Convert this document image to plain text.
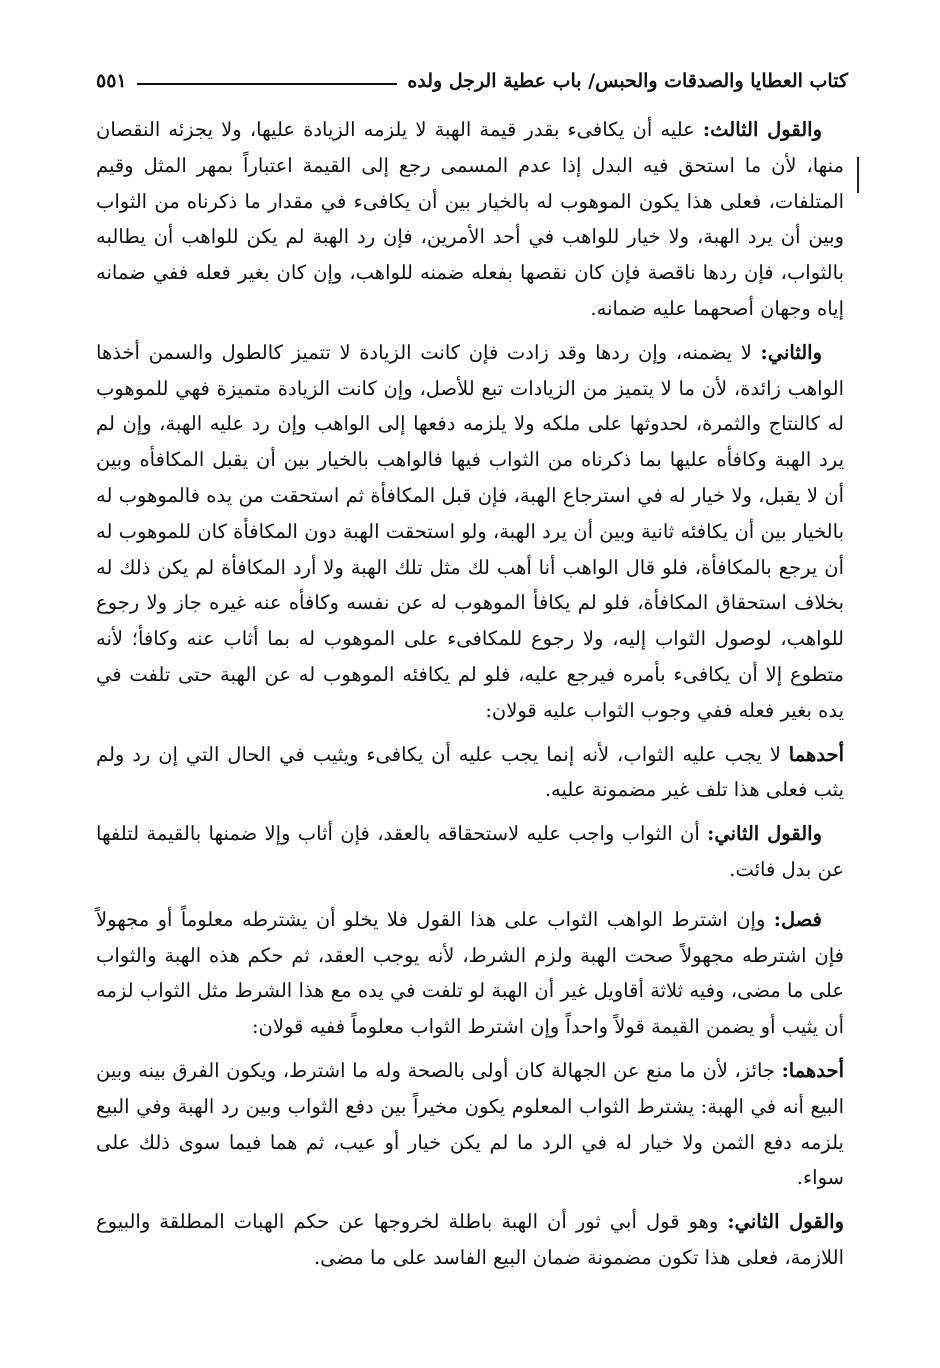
كتاب العطايا والصدقات والحبس/ باب عطية الرجل ولده
٥٥١

والقول الثالث: عليه أن يكافىء بقدر قيمة الهبة لا يلزمه الزيادة عليها، ولا يجزئه النقصان منها، لأن ما استحق فيه البدل إذا عدم المسمى رجع إلى القيمة اعتباراً بمهر المثل وقيم المتلفات، فعلى هذا يكون الموهوب له بالخيار بين أن يكافىء في مقدار ما ذكرناه من الثواب وبين أن يرد الهبة، ولا خيار للواهب في أحد الأمرين، فإن رد الهبة لم يكن للواهب أن يطالبه بالثواب، فإن ردها ناقصة فإن كان نقصها بفعله ضمنه للواهب، وإن كان بغير فعله ففي ضمانه إياه وجهان أصحهما عليه ضمانه.

والثاني: لا يضمنه، وإن ردها وقد زادت فإن كانت الزيادة لا تتميز كالطول والسمن أخذها الواهب زائدة، لأن ما لا يتميز من الزيادات تبع للأصل، وإن كانت الزيادة متميزة فهي للموهوب له كالنتاج والثمرة، لحدوثها على ملكه ولا يلزمه دفعها إلى الواهب وإن رد عليه الهبة، وإن لم يرد الهبة وكافأه عليها بما ذكرناه من الثواب فيها فالواهب بالخيار بين أن يقبل المكافأه وبين أن لا يقبل، ولا خيار له في استرجاع الهبة، فإن قبل المكافأة ثم استحقت من يده فالموهوب له بالخيار بين أن يكافئه ثانية وبين أن يرد الهبة، ولو استحقت الهبة دون المكافأة كان للموهوب له أن يرجع بالمكافأة، فلو قال الواهب أنا أهب لك مثل تلك الهبة ولا أرد المكافأة لم يكن ذلك له بخلاف استحقاق المكافأة، فلو لم يكافأ الموهوب له عن نفسه وكافأه عنه غيره جاز ولا رجوع للواهب، لوصول الثواب إليه، ولا رجوع للمكافىء على الموهوب له بما أثاب عنه وكافأ؛ لأنه متطوع إلا أن يكافىء بأمره فيرجع عليه، فلو لم يكافئه الموهوب له عن الهبة حتى تلفت في يده بغير فعله ففي وجوب الثواب عليه قولان:

أحدهما لا يجب عليه الثواب، لأنه إنما يجب عليه أن يكافىء ويثيب في الحال التي إن رد ولم يثب فعلى هذا تلف غير مضمونة عليه.

والقول الثاني: أن الثواب واجب عليه لاستحقاقه بالعقد، فإن أثاب وإلا ضمنها بالقيمة لتلفها عن بدل فائت.

فصل: وإن اشترط الواهب الثواب على هذا القول فلا يخلو أن يشترطه معلوماً أو مجهولاً فإن اشترطه مجهولاً صحت الهبة ولزم الشرط، لأنه يوجب العقد، ثم حكم هذه الهبة والثواب على ما مضى، وفيه ثلاثة أقاويل غير أن الهبة لو تلفت في يده مع هذا الشرط مثل الثواب لزمه أن يثيب أو يضمن القيمة قولاً واحداً وإن اشترط الثواب معلوماً ففيه قولان:

أحدهما: جائز، لأن ما منع عن الجهالة كان أولى بالصحة وله ما اشترط، ويكون الفرق بينه وبين البيع أنه في الهبة: يشترط الثواب المعلوم يكون مخيراً بين دفع الثواب وبين رد الهبة وفي البيع يلزمه دفع الثمن ولا خيار له في الرد ما لم يكن خيار أو عيب، ثم هما فيما سوى ذلك على سواء.

والقول الثاني: وهو قول أبي ثور أن الهبة باطلة لخروجها عن حكم الهبات المطلقة والبيوع اللازمة، فعلى هذا تكون مضمونة ضمان البيع الفاسد على ما مضى.
